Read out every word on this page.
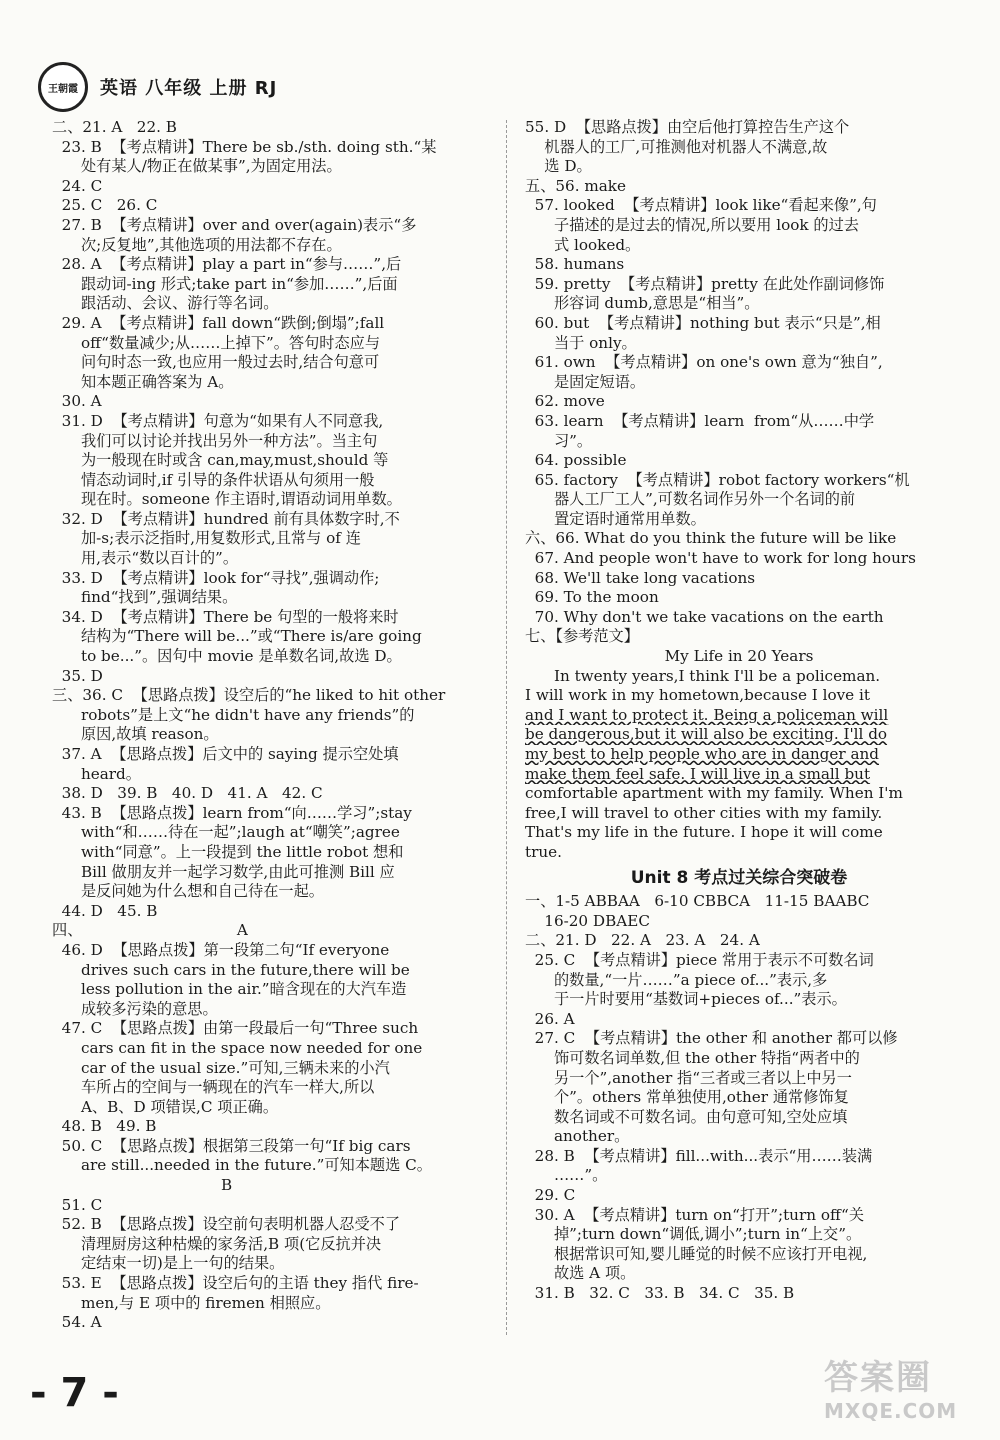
王朝霞	英语 八年级 上册 RJ
二、21. A   22. B
23. B  【考点精讲】There be sb./sth. doing sth.“某
处有某人/物正在做某事”,为固定用法。
24. C
25. C   26. C
27. B  【考点精讲】over and over(again)表示“多
次;反复地”,其他选项的用法都不存在。
28. A  【考点精讲】play a part in“参与……”,后
跟动词-ing 形式;take part in“参加……”,后面
跟活动、会议、游行等名词。
29. A  【考点精讲】fall down“跌倒;倒塌”;fall
off“数量减少;从……上掉下”。答句时态应与
问句时态一致,也应用一般过去时,结合句意可
知本题正确答案为 A。
30. A
31. D  【考点精讲】句意为“如果有人不同意我,
我们可以讨论并找出另外一种方法”。当主句
为一般现在时或含 can,may,must,should 等
情态动词时,if 引导的条件状语从句须用一般
现在时。someone 作主语时,谓语动词用单数。
32. D  【考点精讲】hundred 前有具体数字时,不
加-s;表示泛指时,用复数形式,且常与 of 连
用,表示“数以百计的”。
33. D  【考点精讲】look for“寻找”,强调动作;
find“找到”,强调结果。
34. D  【考点精讲】There be 句型的一般将来时
结构为“There will be...”或“There is/are going
to be...”。因句中 movie 是单数名词,故选 D。
35. D
三、36. C  【思路点拨】设空后的“he liked to hit other
robots”是上文“he didn't have any friends”的
原因,故填 reason。
37. A  【思路点拨】后文中的 saying 提示空处填
heard。
38. D   39. B   40. D   41. A   42. C
43. B  【思路点拨】learn from“向……学习”;stay
with“和……待在一起”;laugh at“嘲笑”;agree
with“同意”。上一段提到 the little robot 想和
Bill 做朋友并一起学习数学,由此可推测 Bill 应
是反问她为什么想和自己待在一起。
44. D   45. B
四、                                A
46. D  【思路点拨】第一段第二句“If everyone
drives such cars in the future,there will be
less pollution in the air.”暗含现在的大汽车造
成较多污染的意思。
47. C  【思路点拨】由第一段最后一句“Three such
cars can fit in the space now needed for one
car of the usual size.”可知,三辆未来的小汽
车所占的空间与一辆现在的汽车一样大,所以
A、B、D 项错误,C 项正确。
48. B   49. B
50. C  【思路点拨】根据第三段第一句“If big cars
are still...needed in the future.”可知本题选 C。
B
51. C
52. B  【思路点拨】设空前句表明机器人忍受不了
清理厨房这种枯燥的家务活,B 项(它反抗并决
定结束一切)是上一句的结果。
53. E  【思路点拨】设空后句的主语 they 指代 fire-
men,与 E 项中的 firemen 相照应。
54. A
55. D  【思路点拨】由空后他打算控告生产这个
机器人的工厂,可推测他对机器人不满意,故
选 D。
五、56. make
57. looked  【考点精讲】look like“看起来像”,句
子描述的是过去的情况,所以要用 look 的过去
式 looked。
58. humans
59. pretty  【考点精讲】pretty 在此处作副词修饰
形容词 dumb,意思是“相当”。
60. but  【考点精讲】nothing but 表示“只是”,相
当于 only。
61. own  【考点精讲】on one's own 意为“独自”,
是固定短语。
62. move
63. learn  【考点精讲】learn  from“从……中学
习”。
64. possible
65. factory  【考点精讲】robot factory workers“机
器人工厂工人”,可数名词作另外一个名词的前
置定语时通常用单数。
六、66. What do you think the future will be like
67. And people won't have to work for long hours
68. We'll take long vacations
69. To the moon
70. Why don't we take vacations on the earth
七、【参考范文】
My Life in 20 Years
In twenty years,I think I'll be a policeman.
I will work in my hometown,because I love it
and I want to protect it. Being a policeman will
be dangerous,but it will also be exciting. I'll do
my best to help people who are in danger and
make them feel safe. I will live in a small but
comfortable apartment with my family. When I'm
free,I will travel to other cities with my family.
That's my life in the future. I hope it will come
true.
Unit 8 考点过关综合突破卷
一、1-5 ABBAA   6-10 CBBCA   11-15 BAABC
16-20 DBAEC
二、21. D   22. A   23. A   24. A
25. C  【考点精讲】piece 常用于表示不可数名词
的数量,“一片……”a piece of...”表示,多
于一片时要用“基数词+pieces of...”表示。
26. A
27. C  【考点精讲】the other 和 another 都可以修
饰可数名词单数,但 the other 特指“两者中的
另一个”,another 指“三者或三者以上中另一
个”。others 常单独使用,other 通常修饰复
数名词或不可数名词。由句意可知,空处应填
another。
28. B  【考点精讲】fill...with...表示“用……装满
……”。
29. C
30. A  【考点精讲】turn on“打开”;turn off“关
掉”;turn down“调低,调小”;turn in“上交”。
根据常识可知,婴儿睡觉的时候不应该打开电视,
故选 A 项。
31. B   32. C   33. B   34. C   35. B
- 7 -	答案圈
MXQE.COM
